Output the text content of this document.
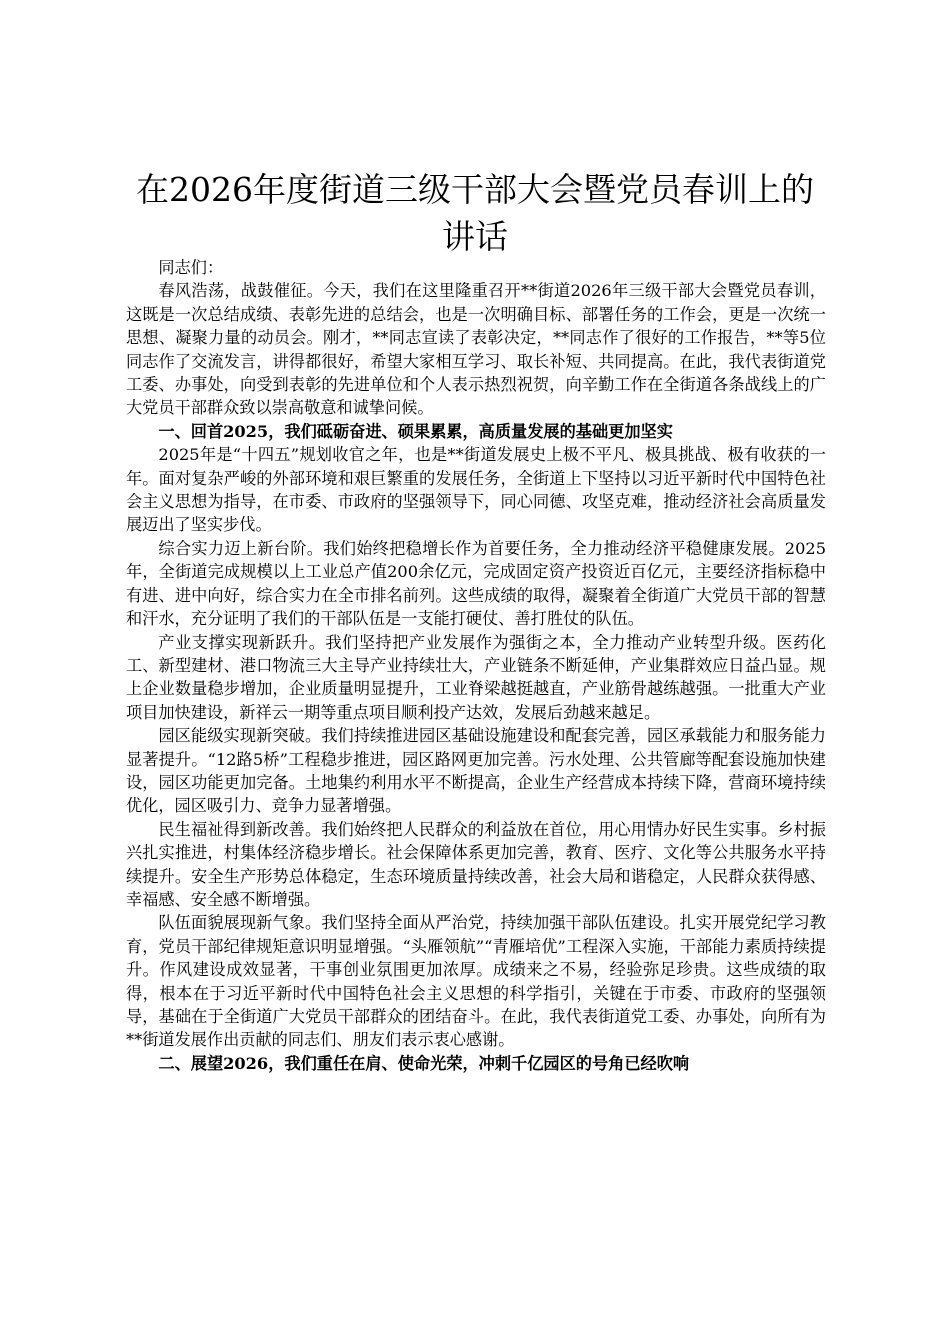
在2026年度街道三级干部大会暨党员春训上的讲话

同志们：

春风浩荡，战鼓催征。今天，我们在这里隆重召开**街道2026年三级干部大会暨党员春训，这既是一次总结成绩、表彰先进的总结会，也是一次明确目标、部署任务的工作会，更是一次统一思想、凝聚力量的动员会。刚才，**同志宣读了表彰决定，**同志作了很好的工作报告，**等5位同志作了交流发言，讲得都很好，希望大家相互学习、取长补短、共同提高。在此，我代表街道党工委、办事处，向受到表彰的先进单位和个人表示热烈祝贺，向辛勤工作在全街道各条战线上的广大党员干部群众致以崇高敬意和诚挚问候。

一、回首2025，我们砥砺奋进、硕果累累，高质量发展的基础更加坚实

2025年是“十四五”规划收官之年，也是**街道发展史上极不平凡、极具挑战、极有收获的一年。面对复杂严峻的外部环境和艰巨繁重的发展任务，全街道上下坚持以习近平新时代中国特色社会主义思想为指导，在市委、市政府的坚强领导下，同心同德、攻坚克难，推动经济社会高质量发展迈出了坚实步伐。

综合实力迈上新台阶。我们始终把稳增长作为首要任务，全力推动经济平稳健康发展。2025年，全街道完成规模以上工业总产值200余亿元，完成固定资产投资近百亿元，主要经济指标稳中有进、进中向好，综合实力在全市排名前列。这些成绩的取得，凝聚着全街道广大党员干部的智慧和汗水，充分证明了我们的干部队伍是一支能打硬仗、善打胜仗的队伍。

产业支撑实现新跃升。我们坚持把产业发展作为强街之本，全力推动产业转型升级。医药化工、新型建材、港口物流三大主导产业持续壮大，产业链条不断延伸，产业集群效应日益凸显。规上企业数量稳步增加，企业质量明显提升，工业脊梁越挺越直，产业筋骨越练越强。一批重大产业项目加快建设，新祥云一期等重点项目顺利投产达效，发展后劲越来越足。

园区能级实现新突破。我们持续推进园区基础设施建设和配套完善，园区承载能力和服务能力显著提升。“12路5桥”工程稳步推进，园区路网更加完善。污水处理、公共管廊等配套设施加快建设，园区功能更加完备。土地集约利用水平不断提高，企业生产经营成本持续下降，营商环境持续优化，园区吸引力、竞争力显著增强。

民生福祉得到新改善。我们始终把人民群众的利益放在首位，用心用情办好民生实事。乡村振兴扎实推进，村集体经济稳步增长。社会保障体系更加完善，教育、医疗、文化等公共服务水平持续提升。安全生产形势总体稳定，生态环境质量持续改善，社会大局和谐稳定，人民群众获得感、幸福感、安全感不断增强。

队伍面貌展现新气象。我们坚持全面从严治党，持续加强干部队伍建设。扎实开展党纪学习教育，党员干部纪律规矩意识明显增强。“头雁领航”“青雁培优”工程深入实施，干部能力素质持续提升。作风建设成效显著，干事创业氛围更加浓厚。成绩来之不易，经验弥足珍贵。这些成绩的取得，根本在于习近平新时代中国特色社会主义思想的科学指引，关键在于市委、市政府的坚强领导，基础在于全街道广大党员干部群众的团结奋斗。在此，我代表街道党工委、办事处，向所有为**街道发展作出贡献的同志们、朋友们表示衷心感谢。

二、展望2026，我们重任在肩、使命光荣，冲刺千亿园区的号角已经吹响
